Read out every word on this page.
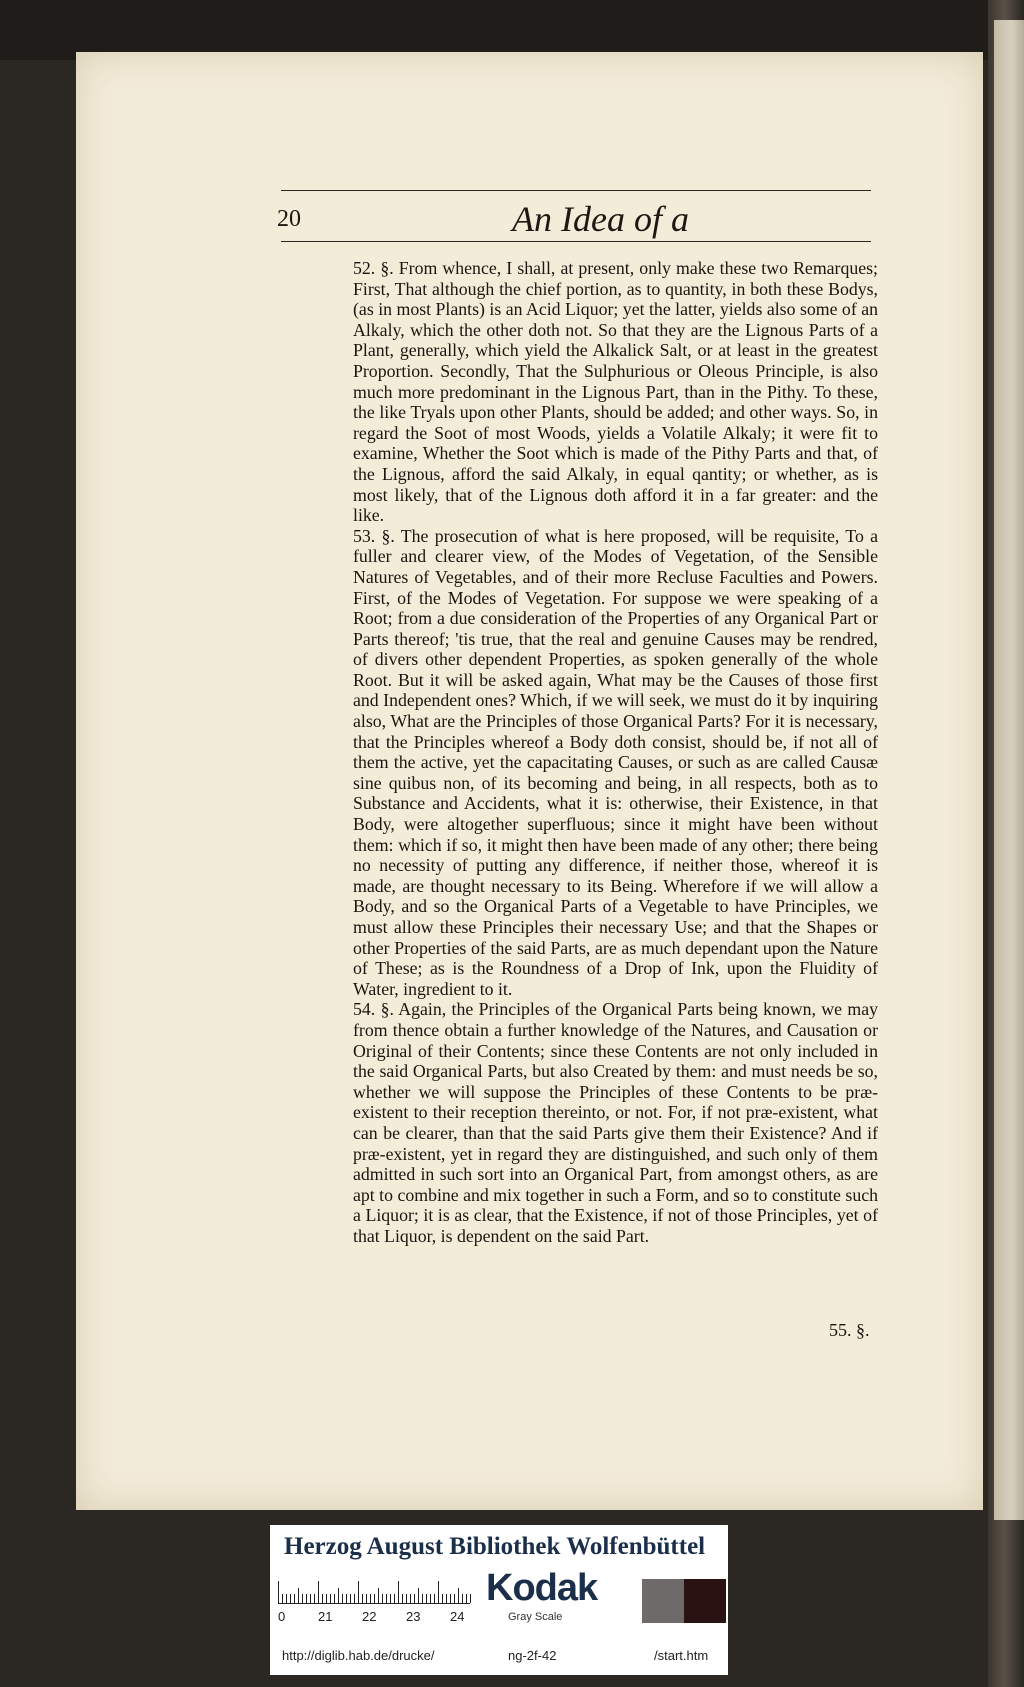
20	An Idea of a

52. §. From whence, I shall, at present, only make these two Remarques; First, That although the chief portion, as to quantity, in both these Bodys, (as in most Plants) is an Acid Liquor; yet the latter, yields also some of an Alkaly, which the other doth not. So that they are the Lignous Parts of a Plant, generally, which yield the Alkalick Salt, or at least in the greatest Proportion. Secondly, That the Sulphurious or Oleous Principle, is also much more predominant in the Lignous Part, than in the Pithy. To these, the like Tryals upon other Plants, should be added; and other ways. So, in regard the Soot of most Woods, yields a Volatile Alkaly; it were fit to examine, Whether the Soot which is made of the Pithy Parts and that, of the Lignous, afford the said Alkaly, in equal qantity; or whether, as is most likely, that of the Lignous doth afford it in a far greater: and the like.

53. §. The prosecution of what is here proposed, will be requisite, To a fuller and clearer view, of the Modes of Vegetation, of the Sensible Natures of Vegetables, and of their more Recluse Faculties and Powers. First, of the Modes of Vegetation. For suppose we were speaking of a Root; from a due consideration of the Properties of any Organical Part or Parts thereof; 'tis true, that the real and genuine Causes may be rendred, of divers other dependent Properties, as spoken generally of the whole Root. But it will be asked again, What may be the Causes of those first and Independent ones? Which, if we will seek, we must do it by inquiring also, What are the Principles of those Organical Parts? For it is necessary, that the Principles whereof a Body doth consist, should be, if not all of them the active, yet the capacitating Causes, or such as are called Causæ sine quibus non, of its becoming and being, in all respects, both as to Substance and Accidents, what it is: otherwise, their Existence, in that Body, were altogether superfluous; since it might have been without them: which if so, it might then have been made of any other; there being no necessity of putting any difference, if neither those, whereof it is made, are thought necessary to its Being. Wherefore if we will allow a Body, and so the Organical Parts of a Vegetable to have Principles, we must allow these Principles their necessary Use; and that the Shapes or other Properties of the said Parts, are as much dependant upon the Nature of These; as is the Roundness of a Drop of Ink, upon the Fluidity of Water, ingredient to it.

54. §. Again, the Principles of the Organical Parts being known, we may from thence obtain a further knowledge of the Natures, and Causation or Original of their Contents; since these Contents are not only included in the said Organical Parts, but also Created by them: and must needs be so, whether we will suppose the Principles of these Contents to be præ-existent to their reception thereinto, or not. For, if not præ-existent, what can be clearer, than that the said Parts give them their Existence? And if præ-existent, yet in regard they are distinguished, and such only of them admitted in such sort into an Organical Part, from amongst others, as are apt to combine and mix together in such a Form, and so to constitute such a Liquor; it is as clear, that the Existence, if not of those Principles, yet of that Liquor, is dependent on the said Part.

55. §.
Herzog August Bibliothek Wolfenbüttel
0	21 22 23 24
Kodak
Gray Scale
http://diglib.hab.de/drucke/	ng-2f-42	/start.htm
